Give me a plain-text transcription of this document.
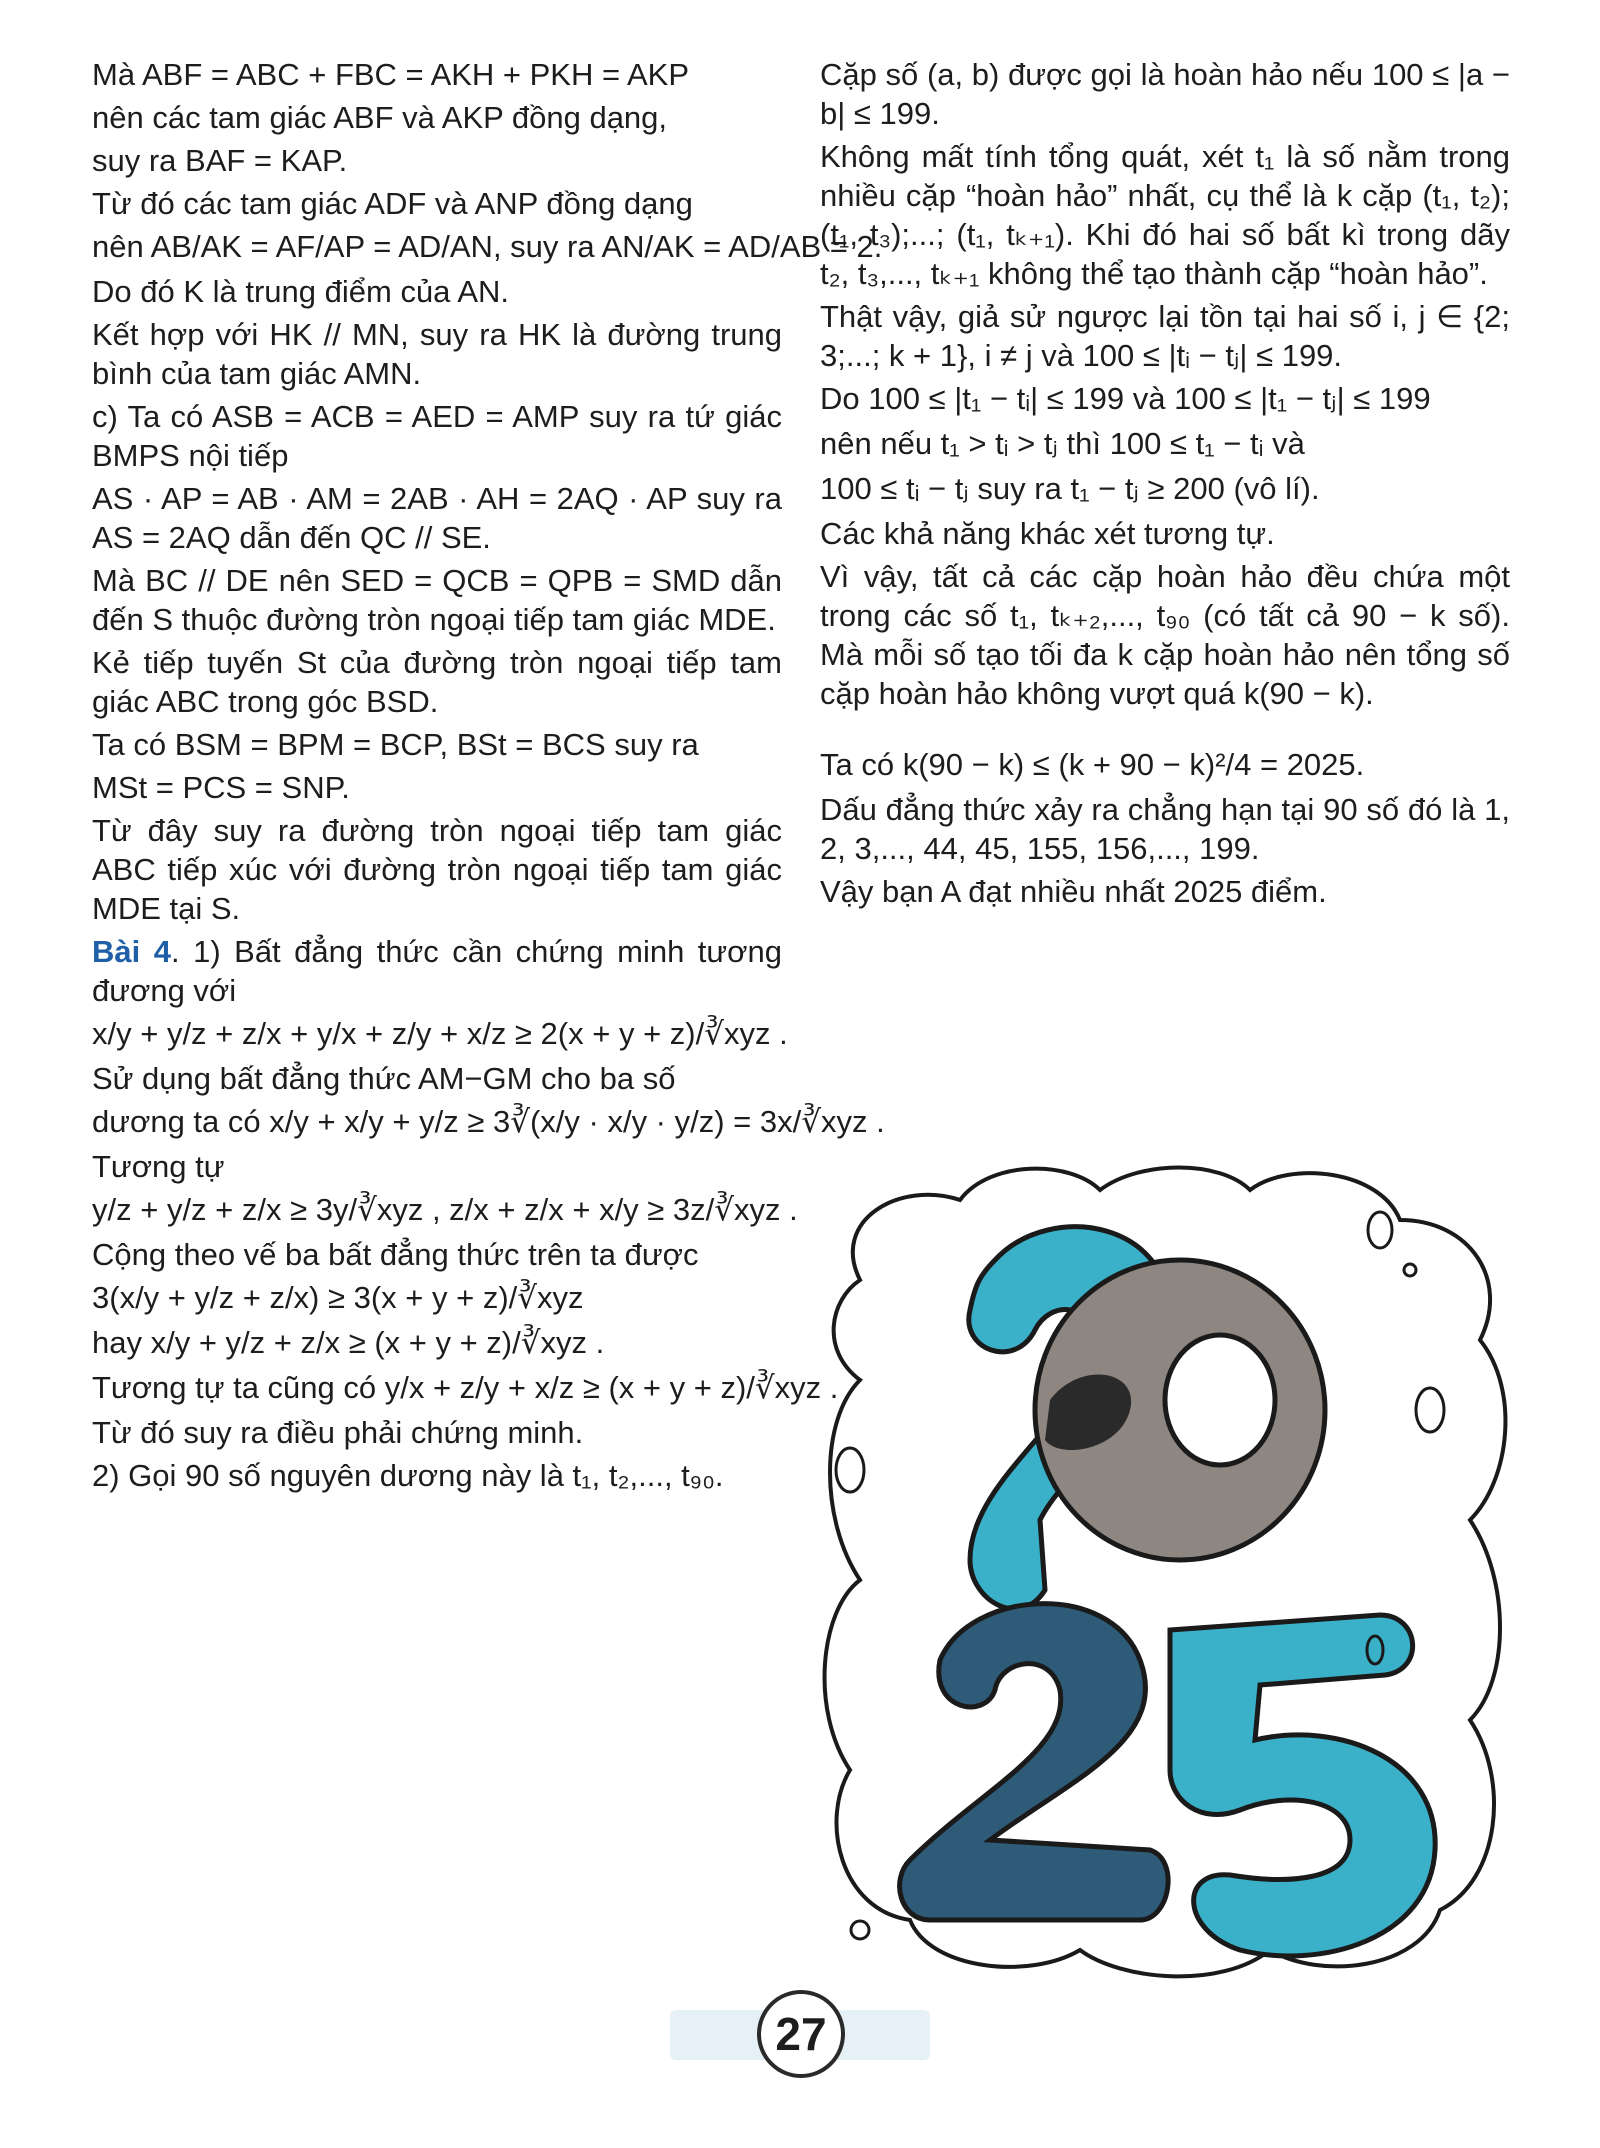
Mà ABF = ABC + FBC = AKH + PKH = AKP

nên các tam giác ABF và AKP đồng dạng,

suy ra BAF = KAP.

Từ đó các tam giác ADF và ANP đồng dạng

nên AB/AK = AF/AP = AD/AN, suy ra AN/AK = AD/AB = 2.

Do đó K là trung điểm của AN.

Kết hợp với HK // MN, suy ra HK là đường trung bình của tam giác AMN.

c) Ta có ASB = ACB = AED = AMP suy ra tứ giác BMPS nội tiếp

AS · AP = AB · AM = 2AB · AH = 2AQ · AP suy ra AS = 2AQ dẫn đến QC // SE.

Mà BC // DE nên SED = QCB = QPB = SMD dẫn đến S thuộc đường tròn ngoại tiếp tam giác MDE.

Kẻ tiếp tuyến St của đường tròn ngoại tiếp tam giác ABC trong góc BSD.

Ta có BSM = BPM = BCP, BSt = BCS suy ra

MSt = PCS = SNP.

Từ đây suy ra đường tròn ngoại tiếp tam giác ABC tiếp xúc với đường tròn ngoại tiếp tam giác MDE tại S.

Bài 4. 1) Bất đẳng thức cần chứng minh tương đương với

x/y + y/z + z/x + y/x + z/y + x/z ≥ 2(x + y + z)/∛xyz .

Sử dụng bất đẳng thức AM−GM cho ba số

dương ta có x/y + x/y + y/z ≥ 3∛(x/y · x/y · y/z) = 3x/∛xyz .

Tương tự

y/z + y/z + z/x ≥ 3y/∛xyz , z/x + z/x + x/y ≥ 3z/∛xyz .

Cộng theo vế ba bất đẳng thức trên ta được

3(x/y + y/z + z/x) ≥ 3(x + y + z)/∛xyz

hay x/y + y/z + z/x ≥ (x + y + z)/∛xyz .

Tương tự ta cũng có y/x + z/y + x/z ≥ (x + y + z)/∛xyz .

Từ đó suy ra điều phải chứng minh.

2) Gọi 90 số nguyên dương này là t₁, t₂,..., t₉₀.

Cặp số (a, b) được gọi là hoàn hảo nếu 100 ≤ |a − b| ≤ 199.

Không mất tính tổng quát, xét t₁ là số nằm trong nhiều cặp “hoàn hảo” nhất, cụ thể là k cặp (t₁, t₂); (t₁, t₃);...; (t₁, tₖ₊₁). Khi đó hai số bất kì trong dãy t₂, t₃,..., tₖ₊₁ không thể tạo thành cặp “hoàn hảo”.

Thật vậy, giả sử ngược lại tồn tại hai số i, j ∈ {2; 3;...; k + 1}, i ≠ j và 100 ≤ |tᵢ − tⱼ| ≤ 199.

Do 100 ≤ |t₁ − tᵢ| ≤ 199 và 100 ≤ |t₁ − tⱼ| ≤ 199

nên nếu t₁ > tᵢ > tⱼ thì 100 ≤ t₁ − tᵢ và

100 ≤ tᵢ − tⱼ suy ra t₁ − tⱼ ≥ 200 (vô lí).

Các khả năng khác xét tương tự.

Vì vậy, tất cả các cặp hoàn hảo đều chứa một trong các số t₁, tₖ₊₂,..., t₉₀ (có tất cả 90 − k số). Mà mỗi số tạo tối đa k cặp hoàn hảo nên tổng số cặp hoàn hảo không vượt quá k(90 − k).

Ta có k(90 − k) ≤ (k + 90 − k)²/4 = 2025.

Dấu đẳng thức xảy ra chẳng hạn tại 90 số đó là 1, 2, 3,..., 44, 45, 155, 156,..., 199.

Vậy bạn A đạt nhiều nhất 2025 điểm.

27
